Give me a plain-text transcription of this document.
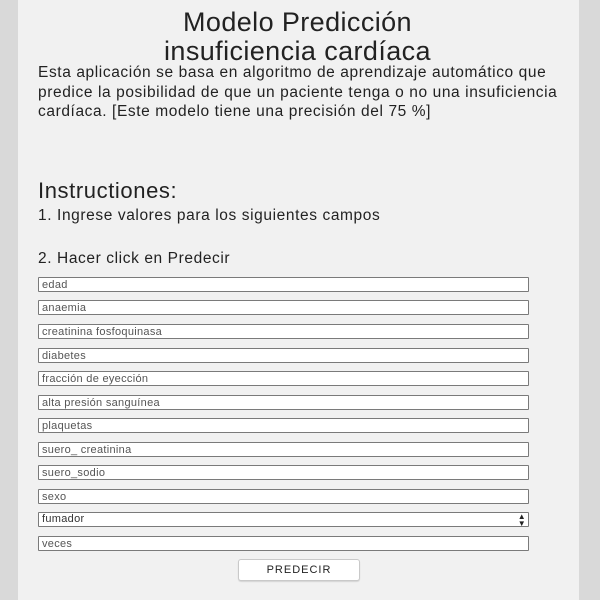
Modelo Predicción
insuficiencia cardíaca
Esta aplicación se basa en algoritmo de aprendizaje automático que predice la posibilidad de que un paciente tenga o no una insuficiencia cardíaca. [Este modelo tiene una precisión del 75 %]
Instructiones:
1. Ingrese valores para los siguientes campos
2. Hacer click en Predecir
edad
anaemia
creatinina fosfoquinasa
diabetes
fracción de eyección
alta presión sanguínea
plaquetas
suero_ creatinina
suero_sodio
sexo
fumador	▲
▼
veces
PREDECIR
